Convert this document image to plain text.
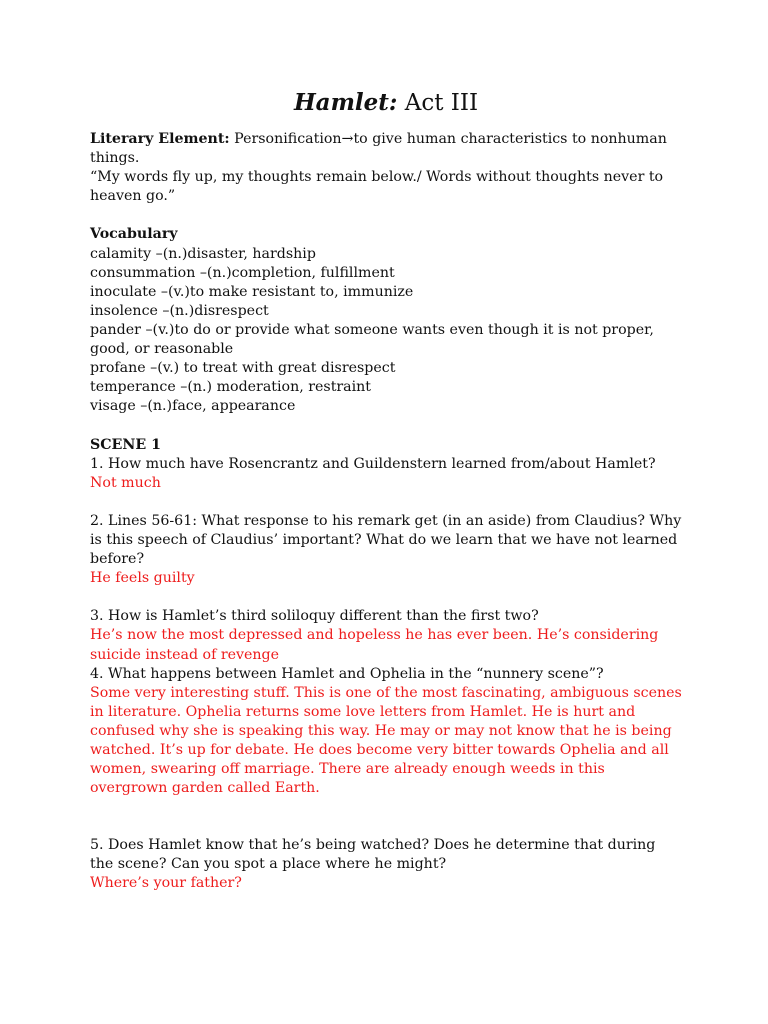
Hamlet: Act III

Literary Element: Personification→to give human characteristics to nonhuman things.

“My words fly up, my thoughts remain below./ Words without thoughts never to heaven go.”

Vocabulary

calamity –(n.)disaster, hardship

consummation –(n.)completion, fulfillment

inoculate –(v.)to make resistant to, immunize

insolence –(n.)disrespect

pander –(v.)to do or provide what someone wants even though it is not proper, good, or reasonable

profane –(v.) to treat with great disrespect

temperance –(n.) moderation, restraint

visage –(n.)face, appearance

SCENE 1

1. How much have Rosencrantz and Guildenstern learned from/about Hamlet?

Not much

2. Lines 56-61: What response to his remark get (in an aside) from Claudius? Why is this speech of Claudius’ important? What do we learn that we have not learned before?

He feels guilty

3. How is Hamlet’s third soliloquy different than the first two?

He’s now the most depressed and hopeless he has ever been. He’s considering suicide instead of revenge

4. What happens between Hamlet and Ophelia in the “nunnery scene”?

Some very interesting stuff. This is one of the most fascinating, ambiguous scenes in literature. Ophelia returns some love letters from Hamlet. He is hurt and confused why she is speaking this way. He may or may not know that he is being watched. It’s up for debate. He does become very bitter towards Ophelia and all women, swearing off marriage. There are already enough weeds in this overgrown garden called Earth.

5. Does Hamlet know that he’s being watched? Does he determine that during the scene? Can you spot a place where he might?

Where’s your father?
